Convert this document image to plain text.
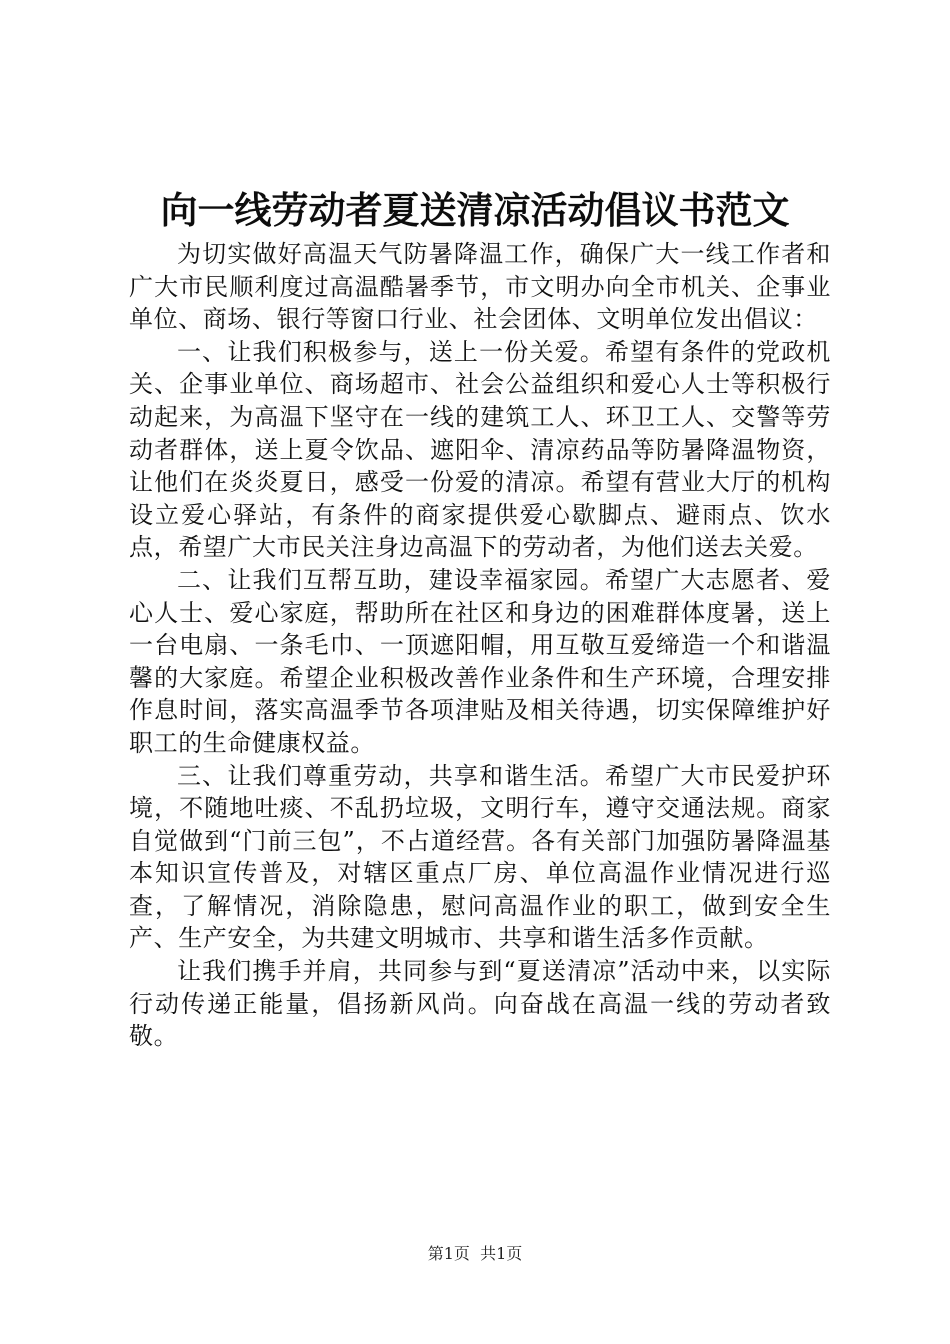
向一线劳动者夏送清凉活动倡议书范文

为切实做好高温天气防暑降温工作，确保广大一线工作者和广大市民顺利度过高温酷暑季节，市文明办向全市机关、企事业单位、商场、银行等窗口行业、社会团体、文明单位发出倡议：

一、让我们积极参与，送上一份关爱。希望有条件的党政机关、企事业单位、商场超市、社会公益组织和爱心人士等积极行动起来，为高温下坚守在一线的建筑工人、环卫工人、交警等劳动者群体，送上夏令饮品、遮阳伞、清凉药品等防暑降温物资，让他们在炎炎夏日，感受一份爱的清凉。希望有营业大厅的机构设立爱心驿站，有条件的商家提供爱心歇脚点、避雨点、饮水点，希望广大市民关注身边高温下的劳动者，为他们送去关爱。

二、让我们互帮互助，建设幸福家园。希望广大志愿者、爱心人士、爱心家庭，帮助所在社区和身边的困难群体度暑，送上一台电扇、一条毛巾、一顶遮阳帽，用互敬互爱缔造一个和谐温馨的大家庭。希望企业积极改善作业条件和生产环境，合理安排作息时间，落实高温季节各项津贴及相关待遇，切实保障维护好职工的生命健康权益。

三、让我们尊重劳动，共享和谐生活。希望广大市民爱护环境，不随地吐痰、不乱扔垃圾，文明行车，遵守交通法规。商家自觉做到“门前三包”，不占道经营。各有关部门加强防暑降温基本知识宣传普及，对辖区重点厂房、单位高温作业情况进行巡查，了解情况，消除隐患，慰问高温作业的职工，做到安全生产、生产安全，为共建文明城市、共享和谐生活多作贡献。

让我们携手并肩，共同参与到“夏送清凉”活动中来，以实际行动传递正能量，倡扬新风尚。向奋战在高温一线的劳动者致敬。

第1页 共1页
